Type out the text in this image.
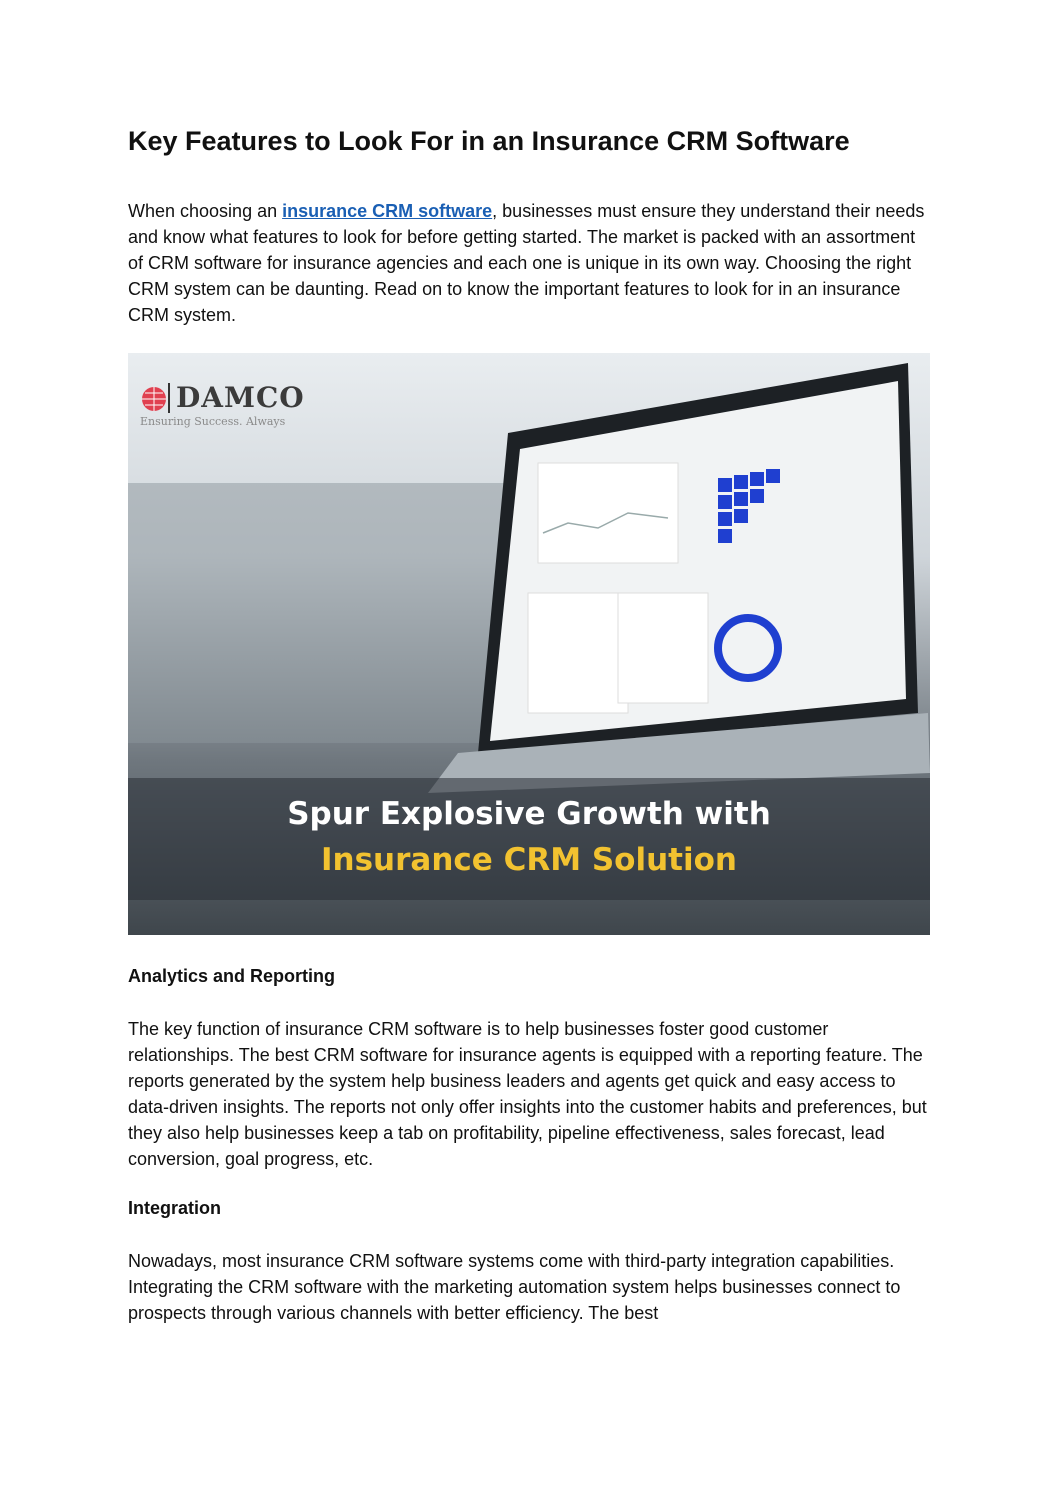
Key Features to Look For in an Insurance CRM Software

When choosing an insurance CRM software, businesses must ensure they understand their needs and know what features to look for before getting started. The market is packed with an assortment of CRM software for insurance agencies and each one is unique in its own way. Choosing the right CRM system can be daunting. Read on to know the important features to look for in an insurance CRM system.

DAMCO
Ensuring Success. Always
Spur Explosive Growth with
Insurance CRM Solution
Analytics and Reporting

The key function of insurance CRM software is to help businesses foster good customer relationships. The best CRM software for insurance agents is equipped with a reporting feature. The reports generated by the system help business leaders and agents get quick and easy access to data-driven insights. The reports not only offer insights into the customer habits and preferences, but they also help businesses keep a tab on profitability, pipeline effectiveness, sales forecast, lead conversion, goal progress, etc.

Integration

Nowadays, most insurance CRM software systems come with third-party integration capabilities. Integrating the CRM software with the marketing automation system helps businesses connect to prospects through various channels with better efficiency. The best
